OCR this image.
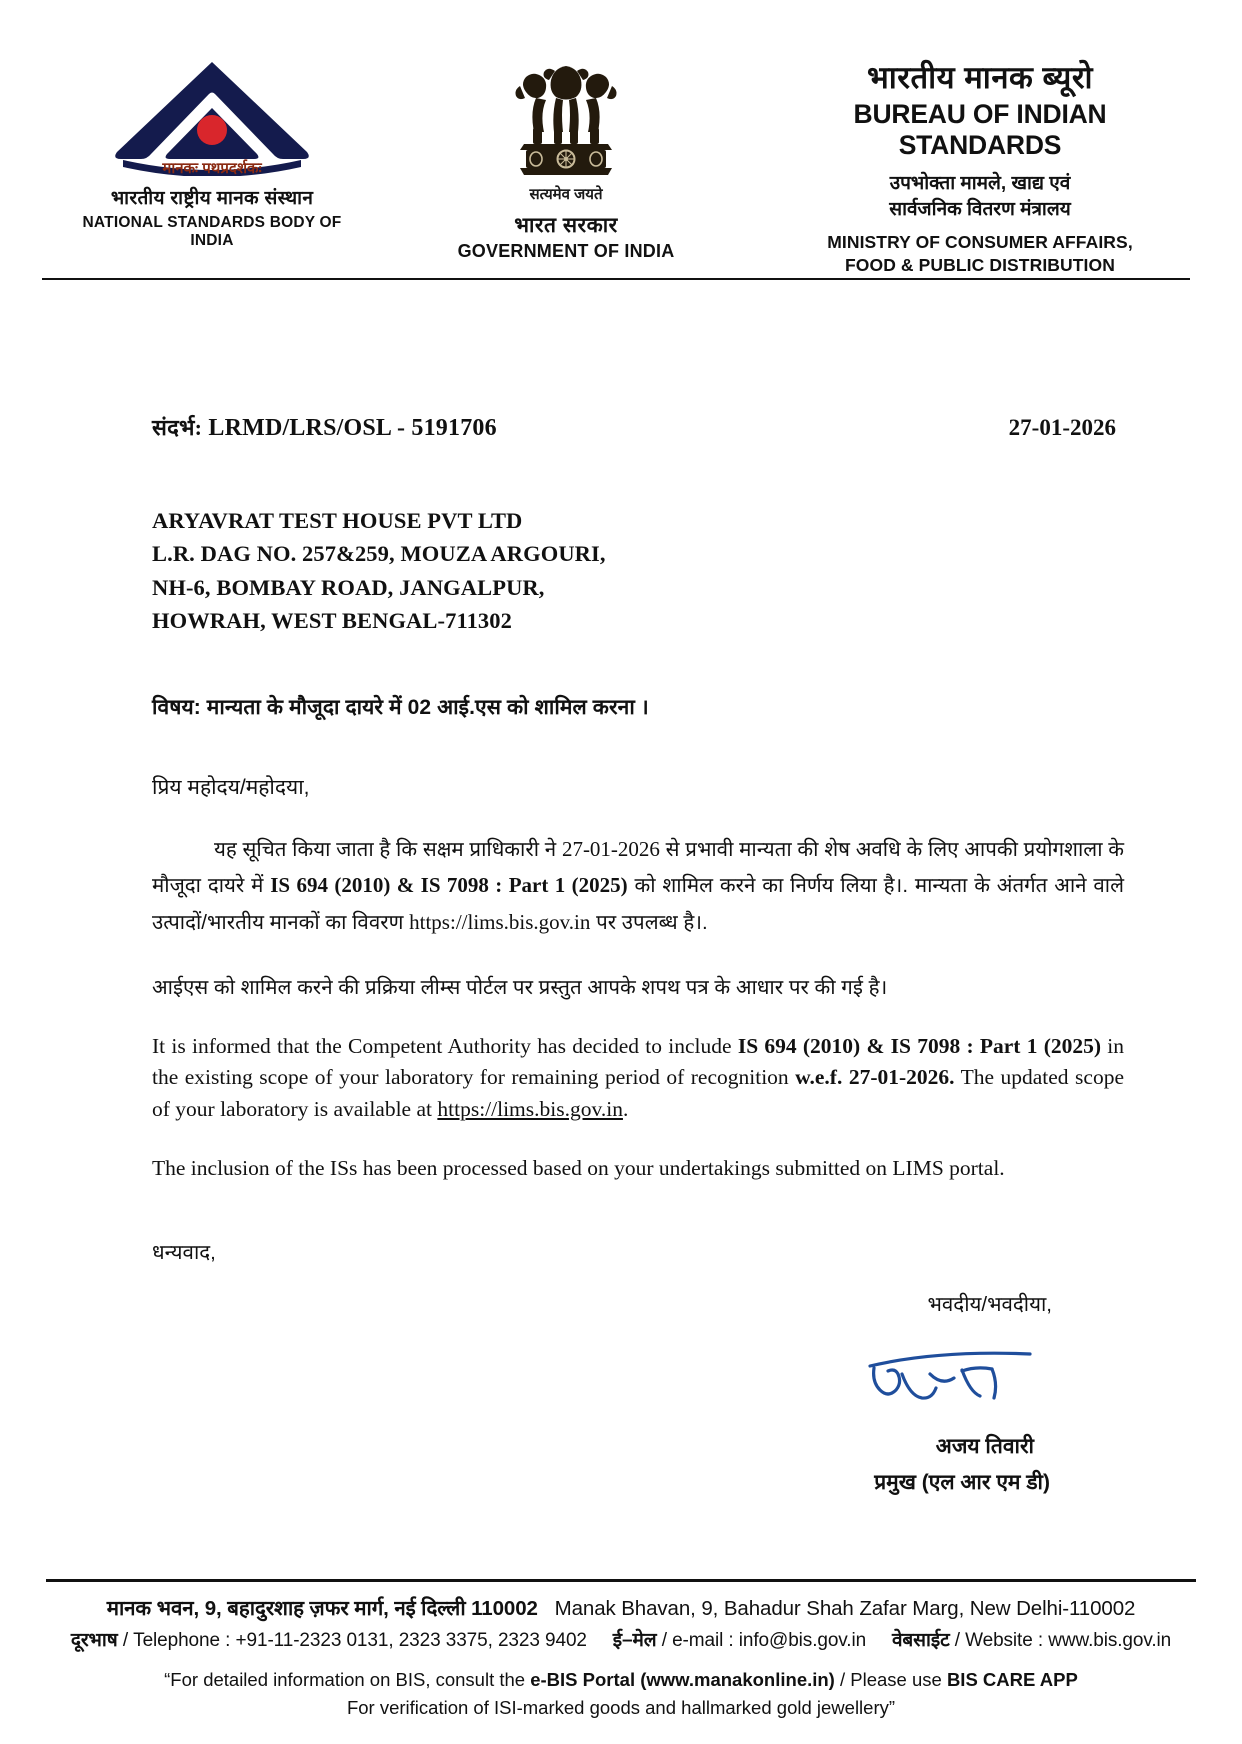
मानकः पथप्रदर्शकः
भारतीय राष्ट्रीय मानक संस्थान
NATIONAL STANDARDS BODY OF INDIA
सत्यमेव जयते
भारत सरकार
GOVERNMENT OF INDIA
भारतीय मानक ब्यूरो
BUREAU OF INDIAN STANDARDS
उपभोक्ता मामले, खाद्य एवं
सार्वजनिक वितरण मंत्रालय
MINISTRY OF CONSUMER AFFAIRS,
FOOD & PUBLIC DISTRIBUTION
संदर्भ: LRMD/LRS/OSL - 5191706	27-01-2026
ARYAVRAT TEST HOUSE PVT LTD
L.R. DAG NO. 257&259, MOUZA ARGOURI,
NH-6, BOMBAY ROAD, JANGALPUR,
HOWRAH, WEST BENGAL-711302
विषय: मान्यता के मौजूदा दायरे में 02 आई.एस को शामिल करना ।
प्रिय महोदय/महोदया,
यह सूचित किया जाता है कि सक्षम प्राधिकारी ने 27-01-2026 से प्रभावी मान्यता की शेष अवधि के लिए आपकी प्रयोगशाला के मौजूदा दायरे में IS 694 (2010) & IS 7098 : Part 1 (2025) को शामिल करने का निर्णय लिया है।. मान्यता के अंतर्गत आने वाले उत्पादों/भारतीय मानकों का विवरण https://lims.bis.gov.in पर उपलब्ध है।.
आईएस को शामिल करने की प्रक्रिया लीम्स पोर्टल पर प्रस्तुत आपके शपथ पत्र के आधार पर की गई है।
It is informed that the Competent Authority has decided to include IS 694 (2010) & IS 7098 : Part 1 (2025) in the existing scope of your laboratory for remaining period of recognition w.e.f. 27-01-2026. The updated scope of your laboratory is available at https://lims.bis.gov.in.
The inclusion of the ISs has been processed based on your undertakings submitted on LIMS portal.
धन्यवाद,
भवदीय/भवदीया,
अजय तिवारी
प्रमुख (एल आर एम डी)
मानक भवन, 9, बहादुरशाह ज़फर मार्ग, नई दिल्ली 110002 Manak Bhavan, 9, Bahadur Shah Zafar Marg, New Delhi-110002
दूरभाष / Telephone : +91-11-2323 0131, 2323 3375, 2323 9402 ई–मेल / e-mail : info@bis.gov.in वेबसाईट / Website : www.bis.gov.in
“For detailed information on BIS, consult the e-BIS Portal (www.manakonline.in) / Please use BIS CARE APP
For verification of ISI-marked goods and hallmarked gold jewellery”
